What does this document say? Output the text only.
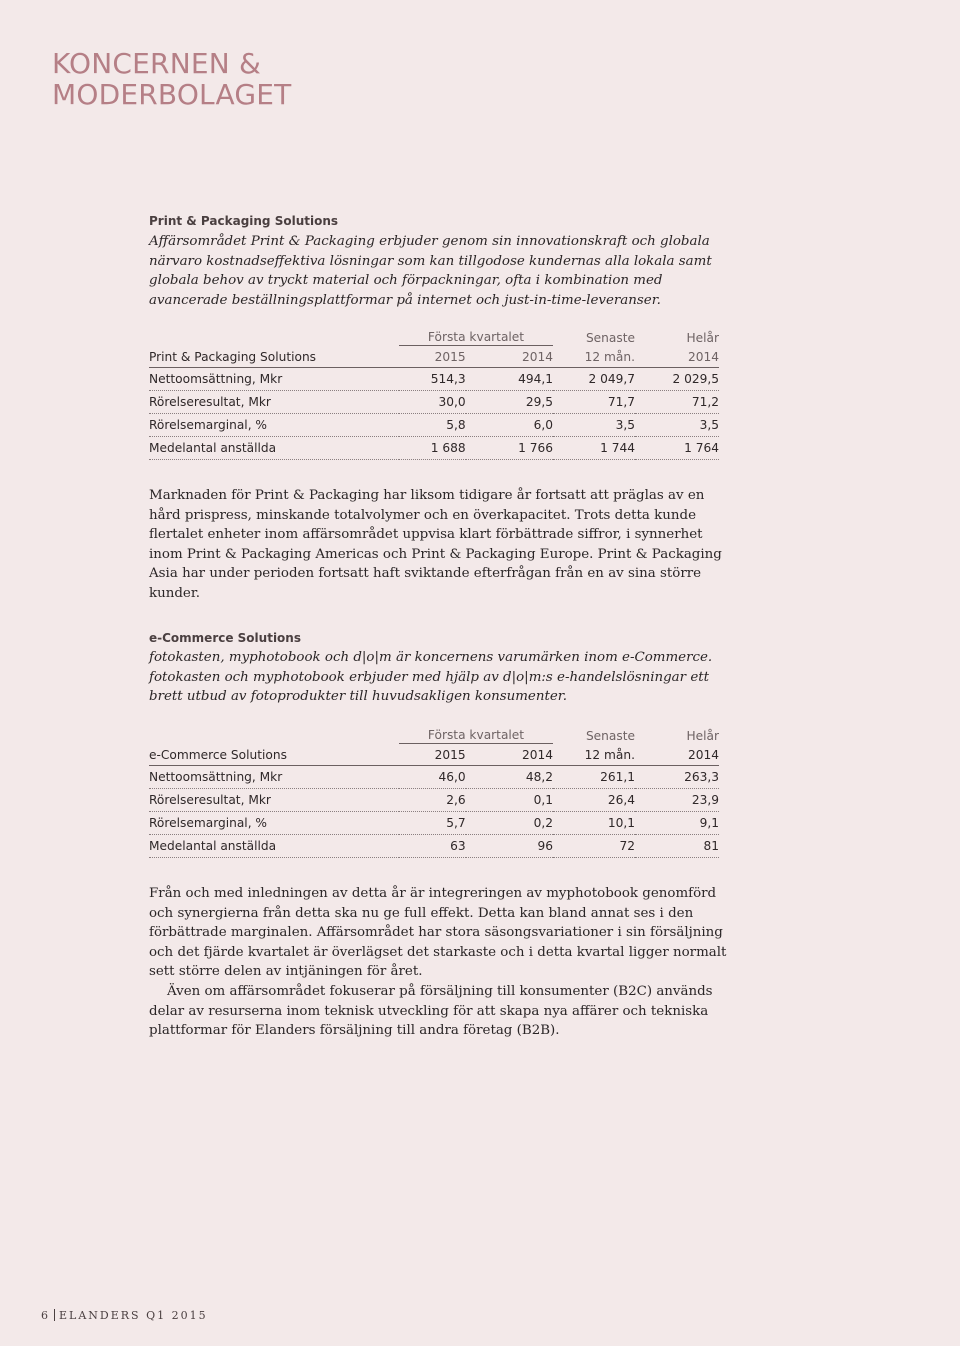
KONCERNEN &
MODERBOLAGET
Print & Packaging Solutions
Affärsområdet Print & Packaging erbjuder genom sin innovationskraft och globala närvaro kostnadseffektiva lösningar som kan tillgodose kundernas alla lokala samt globala behov av tryckt material och förpackningar, ofta i kombination med avancerade beställningsplattformar på internet och just-in-time-leveranser.
	Första kvartalet		Senaste	Helår
Print & Packaging Solutions	2015	2014	12 mån.	2014
Nettoomsättning, Mkr	514,3	494,1	2 049,7	2 029,5
Rörelseresultat, Mkr	30,0	29,5	71,7	71,2
Rörelsemarginal, %	5,8	6,0	3,5	3,5
Medelantal anställda	1 688	1 766	1 744	1 764

Marknaden för Print & Packaging har liksom tidigare år fortsatt att präglas av en hård prispress, minskande totalvolymer och en överkapacitet. Trots detta kunde flertalet enheter inom affärsområdet uppvisa klart förbättrade siffror, i synnerhet inom Print & Packaging Americas och Print & Packaging Europe. Print & Packaging Asia har under perioden fortsatt haft sviktande efterfrågan från en av sina större kunder.

e-Commerce Solutions
fotokasten, myphotobook och d|o|m är koncernens varumärken inom e-Commerce. fotokasten och myphotobook erbjuder med hjälp av d|o|m:s e-handelslösningar ett brett utbud av fotoprodukter till huvudsakligen konsumenter.
	Första kvartalet		Senaste	Helår
e-Commerce Solutions	2015	2014	12 mån.	2014
Nettoomsättning, Mkr	46,0	48,2	261,1	263,3
Rörelseresultat, Mkr	2,6	0,1	26,4	23,9
Rörelsemarginal, %	5,7	0,2	10,1	9,1
Medelantal anställda	63	96	72	81

Från och med inledningen av detta år är integreringen av myphotobook genomförd och synergierna från detta ska nu ge full effekt. Detta kan bland annat ses i den förbättrade marginalen. Affärsområdet har stora säsongsvariationer i sin försäljning och det fjärde kvartalet är överlägset det starkaste och i detta kvartal ligger normalt sett större delen av intjäningen för året.

Även om affärsområdet fokuserar på försäljning till konsumenter (B2C) används delar av resurserna inom teknisk utveckling för att skapa nya affärer och tekniska plattformar för Elanders försäljning till andra företag (B2B).

6 ELANDERS Q1 2015
